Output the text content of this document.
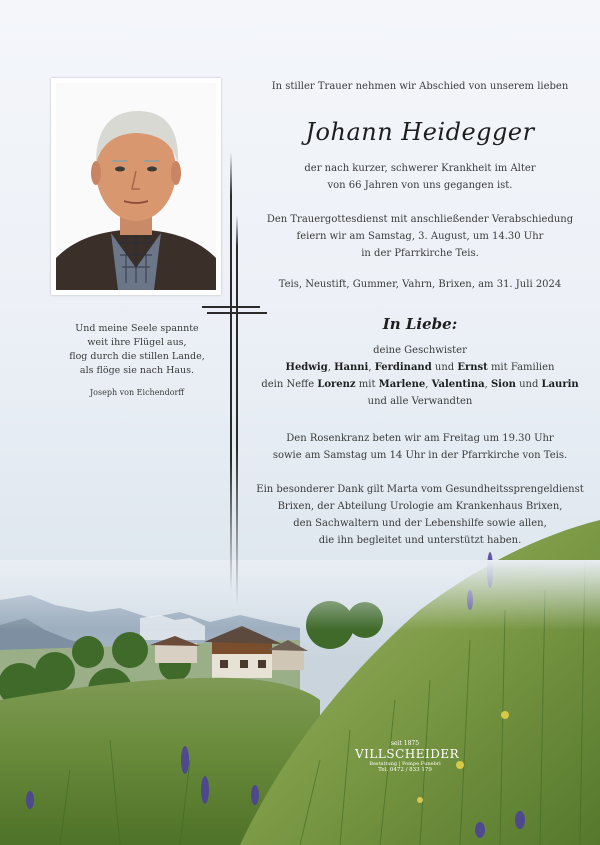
In stiller Trauer nehmen wir Abschied von unserem lieben
Johann Heidegger
der nach kurzer, schwerer Krankheit im Alter
von 66 Jahren von uns gegangen ist.
Den Trauergottesdienst mit anschließender Verabschiedung
feiern wir am Samstag, 3. August, um 14.30 Uhr
in der Pfarrkirche Teis.
Teis, Neustift, Gummer, Vahrn, Brixen, am 31. Juli 2024
In Liebe:
deine Geschwister
Hedwig, Hanni, Ferdinand und Ernst mit Familien
dein Neffe Lorenz mit Marlene, Valentina, Sion und Laurin
und alle Verwandten
Den Rosenkranz beten wir am Freitag um 19.30 Uhr
sowie am Samstag um 14 Uhr in der Pfarrkirche von Teis.
Ein besonderer Dank gilt Marta vom Gesundheitssprengeldienst
Brixen, der Abteilung Urologie am Krankenhaus Brixen,
den Sachwaltern und der Lebenshilfe sowie allen,
die ihn begleitet und unterstützt haben.
Und meine Seele spannte
weit ihre Flügel aus,
flog durch die stillen Lande,
als flöge sie nach Haus.
Joseph von Eichendorff
seit 1875
VILLSCHEIDER
Bestattung | Pompe Funebri
Tel. 0472 / 833 179
